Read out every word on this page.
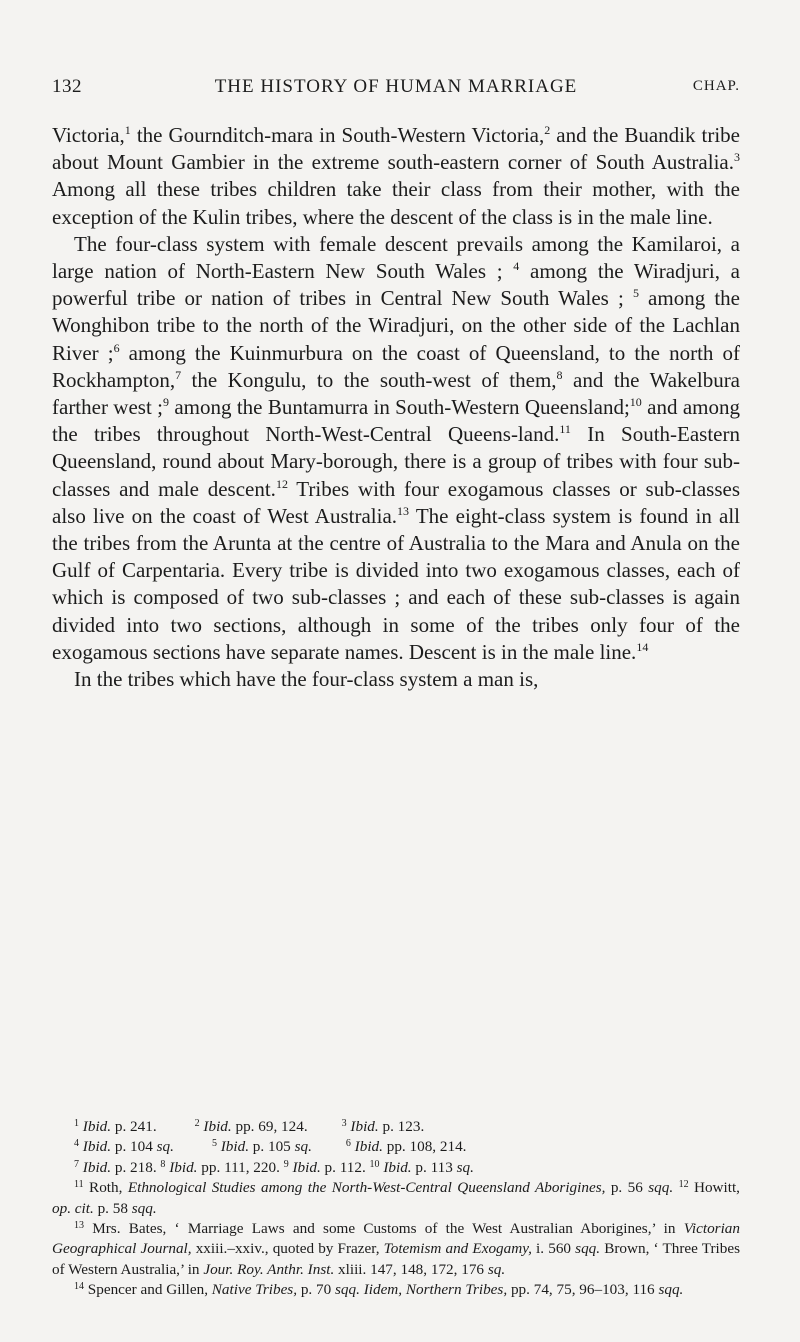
132	THE HISTORY OF HUMAN MARRIAGE	CHAP.

Victoria,$^1$ the Gournditch-mara in South-Western Victoria,$^2$ and the Buandik tribe about Mount Gambier in the extreme south-eastern corner of South Australia.$^3$ Among all these tribes children take their class from their mother, with the exception of the Kulin tribes, where the descent of the class is in the male line.

The four-class system with female descent prevails among the Kamilaroi, a large nation of North-Eastern New South Wales ; $^4$ among the Wiradjuri, a powerful tribe or nation of tribes in Central New South Wales ; $^5$ among the Wonghibon tribe to the north of the Wiradjuri, on the other side of the Lachlan River ;$^6$ among the Kuinmurbura on the coast of Queensland, to the north of Rockhampton,$^7$ the Kongulu, to the south-west of them,$^8$ and the Wakelbura farther west ;$^9$ among the Buntamurra in South-Western Queensland;$^{10}$ and among the tribes throughout North-West-Central Queens-land.$^{11}$ In South-Eastern Queensland, round about Mary-borough, there is a group of tribes with four sub-classes and male descent.$^{12}$ Tribes with four exogamous classes or sub-classes also live on the coast of West Australia.$^{13}$ The eight-class system is found in all the tribes from the Arunta at the centre of Australia to the Mara and Anula on the Gulf of Carpentaria. Every tribe is divided into two exogamous classes, each of which is composed of two sub-classes ; and each of these sub-classes is again divided into two sections, although in some of the tribes only four of the exogamous sections have separate names. Descent is in the male line.$^{14}$

In the tribes which have the four-class system a man is,

$^1$ Ibid. p. 241.	$^2$ Ibid. pp. 69, 124.	$^3$ Ibid. p. 123.

$^4$ Ibid. p. 104 sq.	$^5$ Ibid. p. 105 sq.	$^6$ Ibid. pp. 108, 214.

$^7$ Ibid. p. 218. $^8$ Ibid. pp. 111, 220. $^9$ Ibid. p. 112. $^{10}$ Ibid. p. 113 sq.

$^{11}$ Roth, Ethnological Studies among the North-West-Central Queensland Aborigines, p. 56 sqq. $^{12}$ Howitt, op. cit. p. 58 sqq.

$^{13}$ Mrs. Bates, ‘ Marriage Laws and some Customs of the West Australian Aborigines,’ in Victorian Geographical Journal, xxiii.–xxiv., quoted by Frazer, Totemism and Exogamy, i. 560 sqq. Brown, ‘ Three Tribes of Western Australia,’ in Jour. Roy. Anthr. Inst. xliii. 147, 148, 172, 176 sq.

$^{14}$ Spencer and Gillen, Native Tribes, p. 70 sqq. Iidem, Northern Tribes, pp. 74, 75, 96–103, 116 sqq.
